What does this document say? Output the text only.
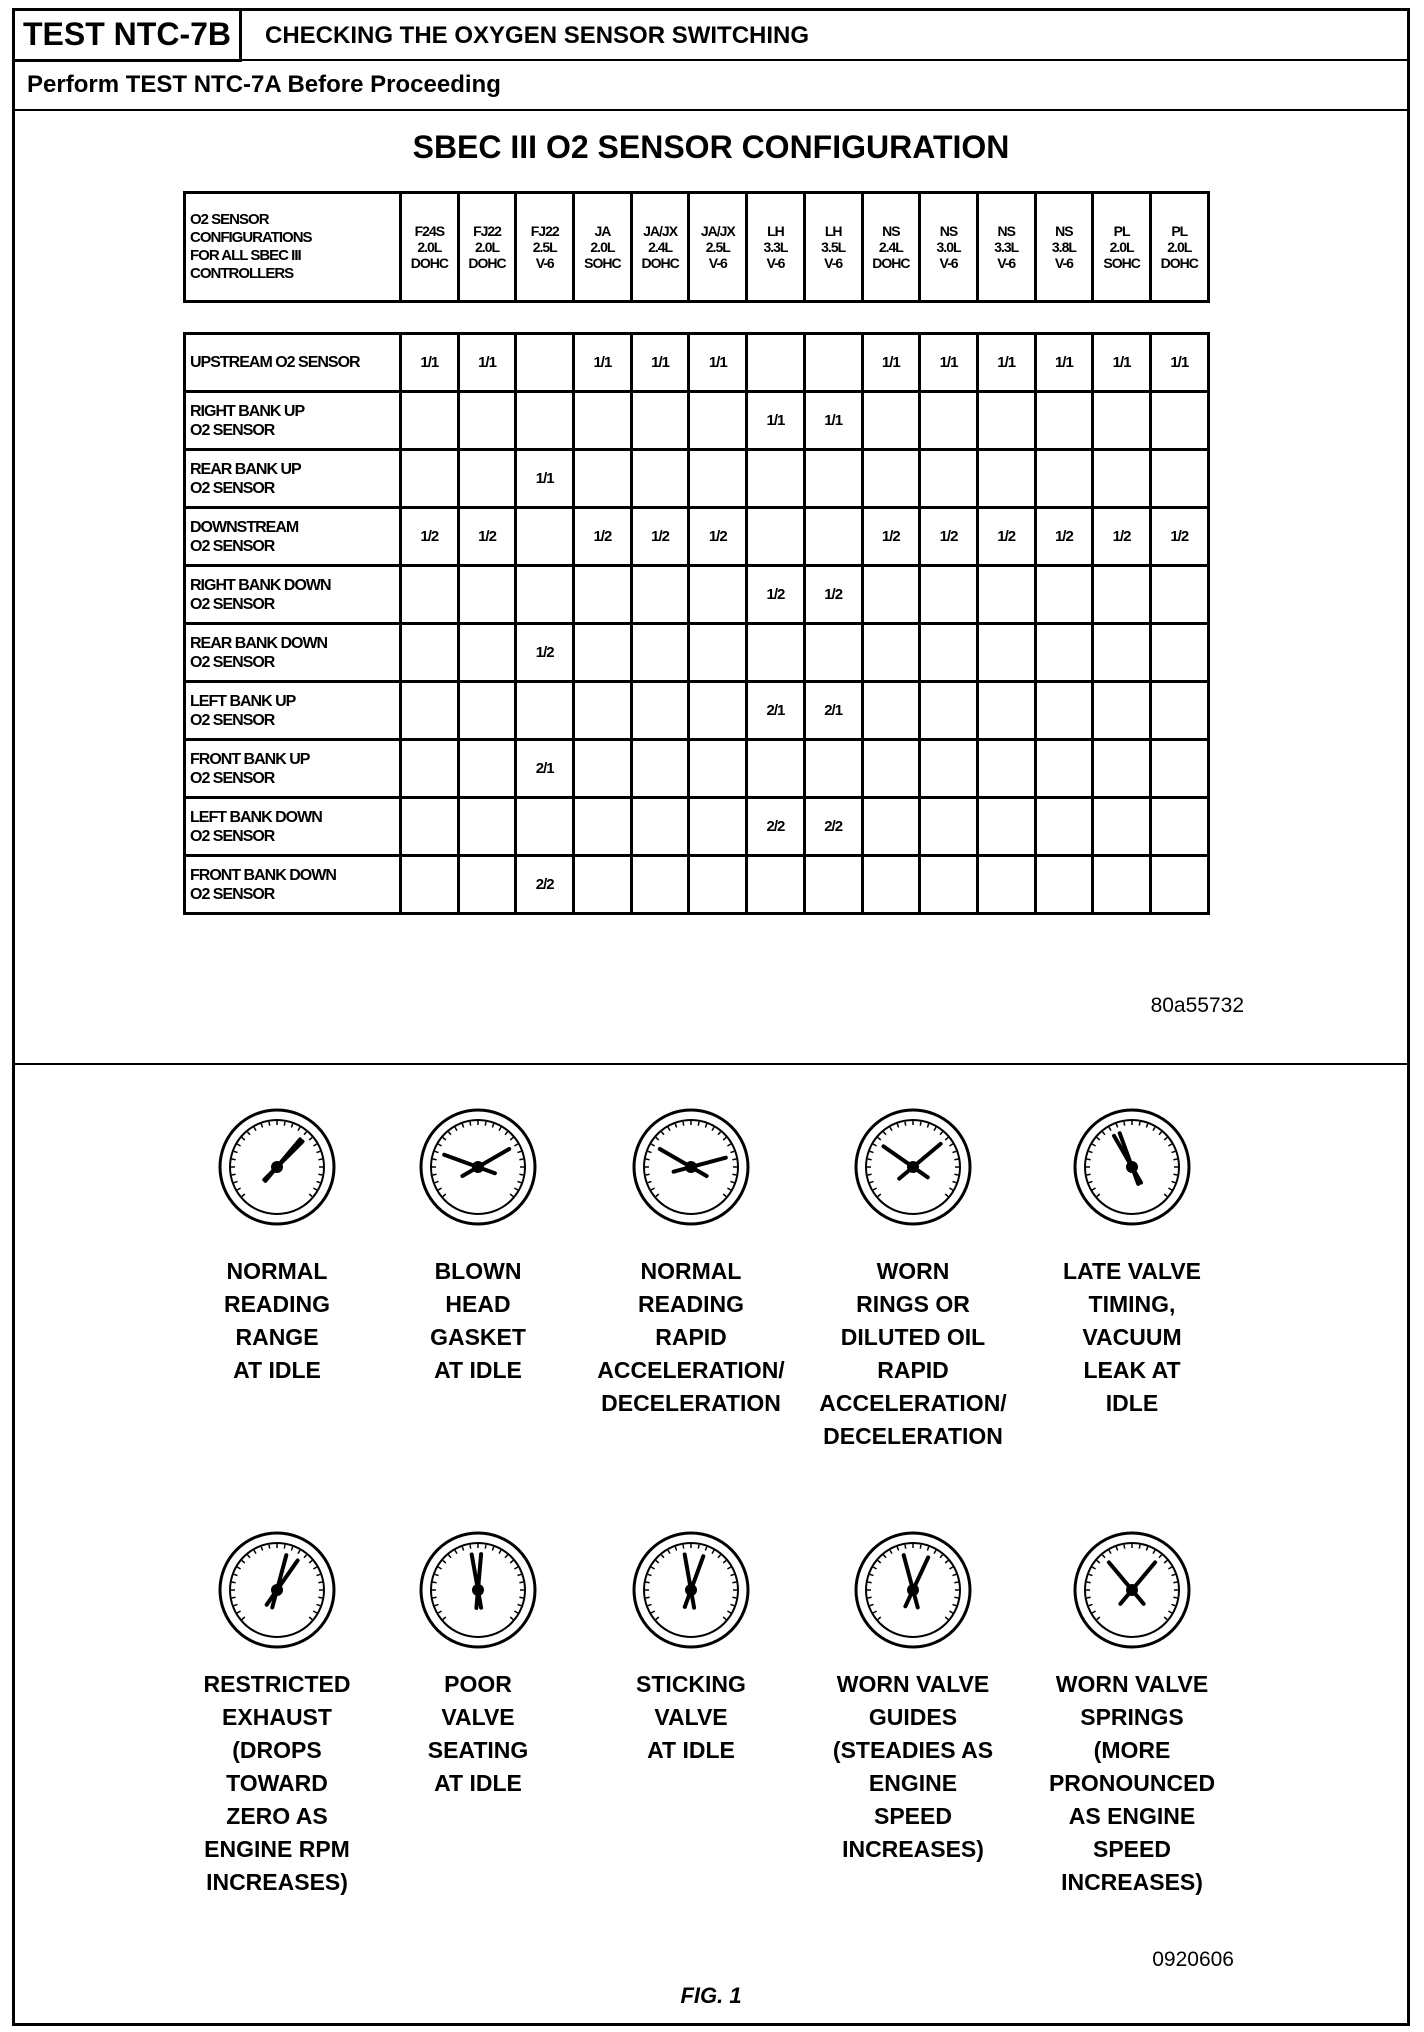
TEST NTC-7B	CHECKING THE OXYGEN SENSOR SWITCHING
Perform TEST NTC-7A Before Proceeding
SBEC III O2 SENSOR CONFIGURATION
FIG. 1
O2 SENSOR
CONFIGURATIONS
FOR ALL SBEC III
CONTROLLERS	F24S
2.0L
DOHC	FJ22
2.0L
DOHC	FJ22
2.5L
V-6	JA
2.0L
SOHC	JA/JX
2.4L
DOHC	JA/JX
2.5L
V-6	LH
3.3L
V-6	LH
3.5L
V-6	NS
2.4L
DOHC	NS
3.0L
V-6	NS
3.3L
V-6	NS
3.8L
V-6	PL
2.0L
SOHC	PL
2.0L
DOHC
UPSTREAM O2 SENSOR	1/1	1/1		1/1	1/1	1/1			1/1	1/1	1/1	1/1	1/1	1/1
RIGHT BANK UP
O2 SENSOR							1/1	1/1						
REAR BANK UP
O2 SENSOR			1/1											
DOWNSTREAM
O2 SENSOR	1/2	1/2		1/2	1/2	1/2			1/2	1/2	1/2	1/2	1/2	1/2
RIGHT BANK DOWN
O2 SENSOR							1/2	1/2						
REAR BANK DOWN
O2 SENSOR			1/2											
LEFT BANK UP
O2 SENSOR							2/1	2/1						
FRONT BANK UP
O2 SENSOR			2/1											
LEFT BANK DOWN
O2 SENSOR							2/2	2/2						
FRONT BANK DOWN
O2 SENSOR			2/2											
80a55732
NORMAL
READING
RANGE
AT IDLE
BLOWN
HEAD
GASKET
AT IDLE
NORMAL
READING
RAPID
ACCELERATION/
DECELERATION
WORN
RINGS OR
DILUTED OIL
RAPID
ACCELERATION/
DECELERATION
LATE VALVE
TIMING,
VACUUM
LEAK AT
IDLE
RESTRICTED
EXHAUST
(DROPS
TOWARD
ZERO AS
ENGINE RPM
INCREASES)
POOR
VALVE
SEATING
AT IDLE
STICKING
VALVE
AT IDLE
WORN VALVE
GUIDES
(STEADIES AS
ENGINE
SPEED
INCREASES)
WORN VALVE
SPRINGS
(MORE
PRONOUNCED
AS ENGINE
SPEED
INCREASES)
0920606
